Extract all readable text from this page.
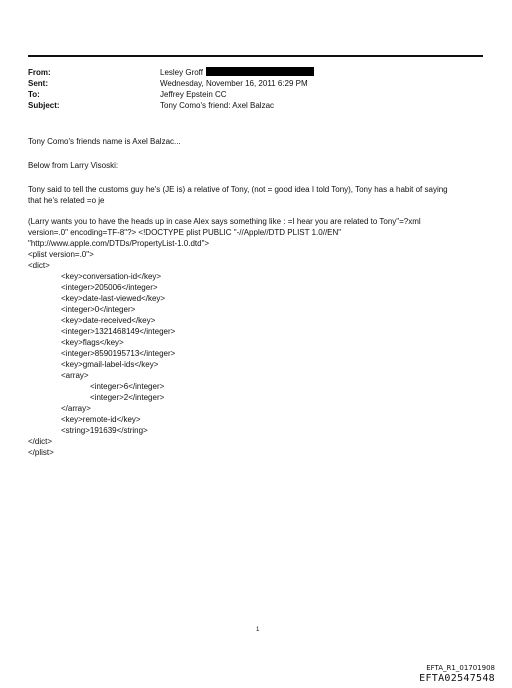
From:	Lesley Groff
Sent:	Wednesday, November 16, 2011 6:29 PM
To:	Jeffrey Epstein CC
Subject:	Tony Como's friend: Axel Balzac

Tony Como's friends name is Axel Balzac...

Below from Larry Visoski:

Tony said to tell the customs guy he's (JE is) a relative of Tony, (not = good idea I told Tony), Tony has a habit of saying

that he's related =o je

(Larry wants you to have the heads up in case Alex says something like : =I hear you are related to Tony"=?xml

version=.0" encoding=TF-8"?> <!DOCTYPE plist PUBLIC "-//Apple//DTD PLIST 1.0//EN"

"http://www.apple.com/DTDs/PropertyList-1.0.dtd">

<plist version=.0">
<dict>
<key>conversation-id</key>
<integer>205006</integer>
<key>date-last-viewed</key>
<integer>0</integer>
<key>date-received</key>
<integer>1321468149</integer>
<key>flags</key>
<integer>8590195713</integer>
<key>gmail-label-ids</key>
<array>
<integer>6</integer>
<integer>2</integer>
</array>
<key>remote-id</key>
<string>191639</string>
</dict>
</plist>
1
EFTA_R1_01701908
EFTA02547548
